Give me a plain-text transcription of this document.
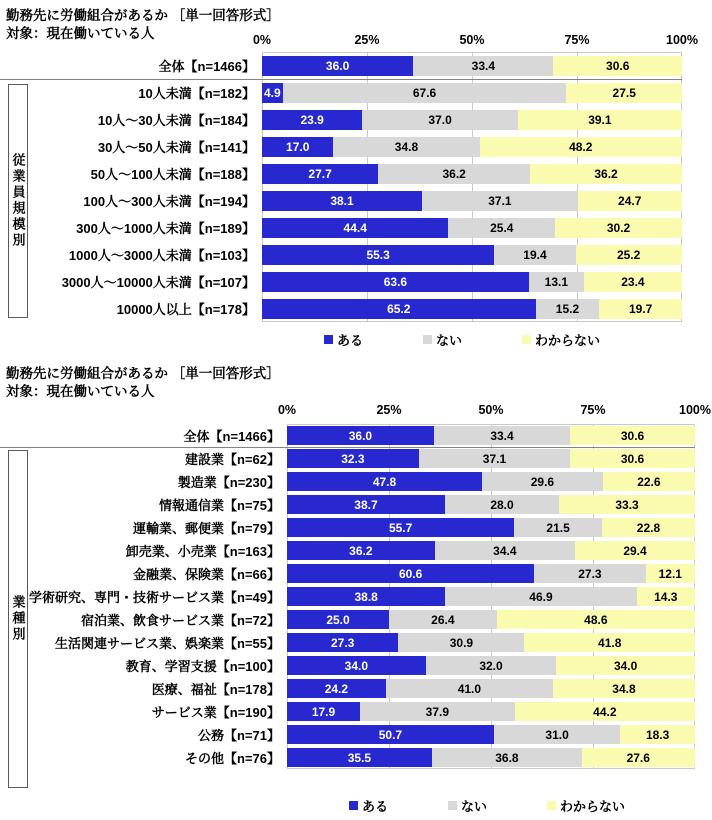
勤務先に労働組合があるか ［単一回答形式］
対象：現在働いている人	0%	25%	50%	75%	100%
全体【n=1466】	36.0	33.4	30.6
10人未満【n=182】 4.9	67.6	27.5
10人～30人未満【n=184】	23.9	37.0	39.1
30人～50人未満【n=141】	17.0	34.8	48.2
50人～100人未満【n=188】	27.7	36.2	36.2
100人～300人未満【n=194】	38.1	37.1	24.7
300人～1000人未満【n=189】	44.4	25.4	30.2
1000人～3000人未満【n=103】	55.3	19.4	25.2
3000人～10000人未満【n=107】	63.6	13.1	23.4
10000人以上【n=178】	65.2	15.2	19.7
従業員規模別
ある	ない	わからない
勤務先に労働組合があるか ［単一回答形式］
対象：現在働いている人
0%	25%	50%	75%	100%
全体【n=1466】	36.0	33.4	30.6
建設業【n=62】	32.3	37.1	30.6
製造業【n=230】	47.8	29.6	22.6
情報通信業【n=75】	38.7	28.0	33.3
運輸業、郵便業【n=79】	55.7	21.5	22.8
卸売業、小売業【n=163】	36.2	34.4	29.4
金融業、保険業【n=66】	60.6	27.3	12.1
学術研究、専門・技術サービス業【n=49】	38.8	46.9	14.3
宿泊業、飲食サービス業【n=72】	25.0	26.4	48.6
生活関連サービス業、娯楽業【n=55】	27.3	30.9	41.8
教育、学習支援【n=100】	34.0	32.0	34.0
医療、福祉【n=178】	24.2	41.0	34.8
サービス業【n=190】	17.9	37.9	44.2
公務【n=71】	50.7	31.0	18.3
その他【n=76】	35.5	36.8	27.6
業種別
ある	ない	わからない
